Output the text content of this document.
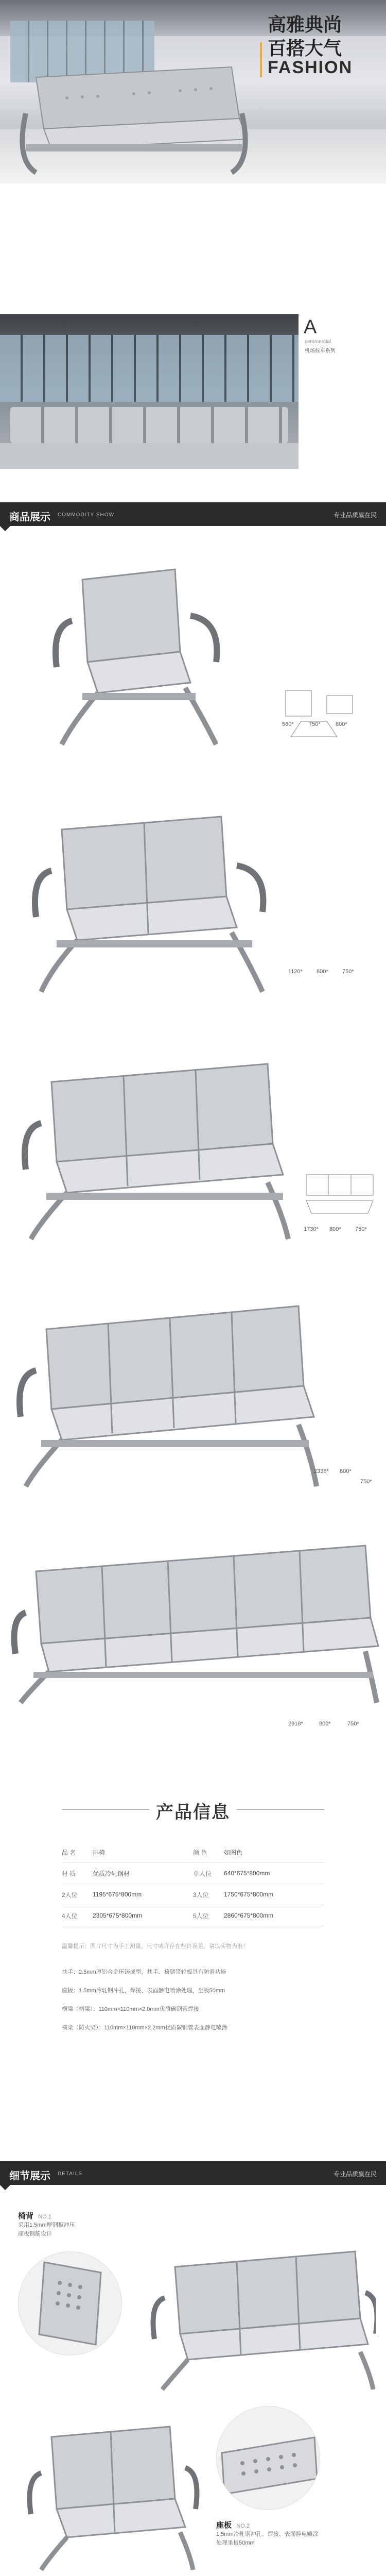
高雅典尚
百搭大气
FASHION
A
cemmercial
机场候车系列
商品展示 COMMODITY SHOW	专业品质赢在民
560*	750*	800*
1120* 800* 750*
1730* 800* 750*
2336* 800*
750*
2918*	800*	750*
产品信息
品 名	排椅	颜 色	如图色
材 质	优质冷轧钢材	单人位	640*675*800mm
2人位	1195*675*800mm	3人位	1750*675*800mm
4人位	2305*675*800mm	5人位	2860*675*800mm
温馨提示：图片尺寸为手工测量，尺寸或许存在些许误差，请以实物为准！
扶手：2.5mm厚铝合金压铸成型，扶手、椅腿带轮板具有防滑功能
座板：1.5mm冷轧钢冲孔，焊接、表面静电喷涂处理，坐板50mm
横梁（柄梁）：110mm×110mm×2.0mm优质碳钢管焊接
横梁（防火梁）：110mm×110mm×2.2mm优质碳钢管表面静电喷涂
细节展示 DETAILS	专业品质赢在民
椅背 NO.1
采用1.5mm厚钢板冲压
座板钢筋设计
座板 NO.2
1.5mm冷轧钢冲孔、焊接、表面静电喷涂
处理坐板50mm
